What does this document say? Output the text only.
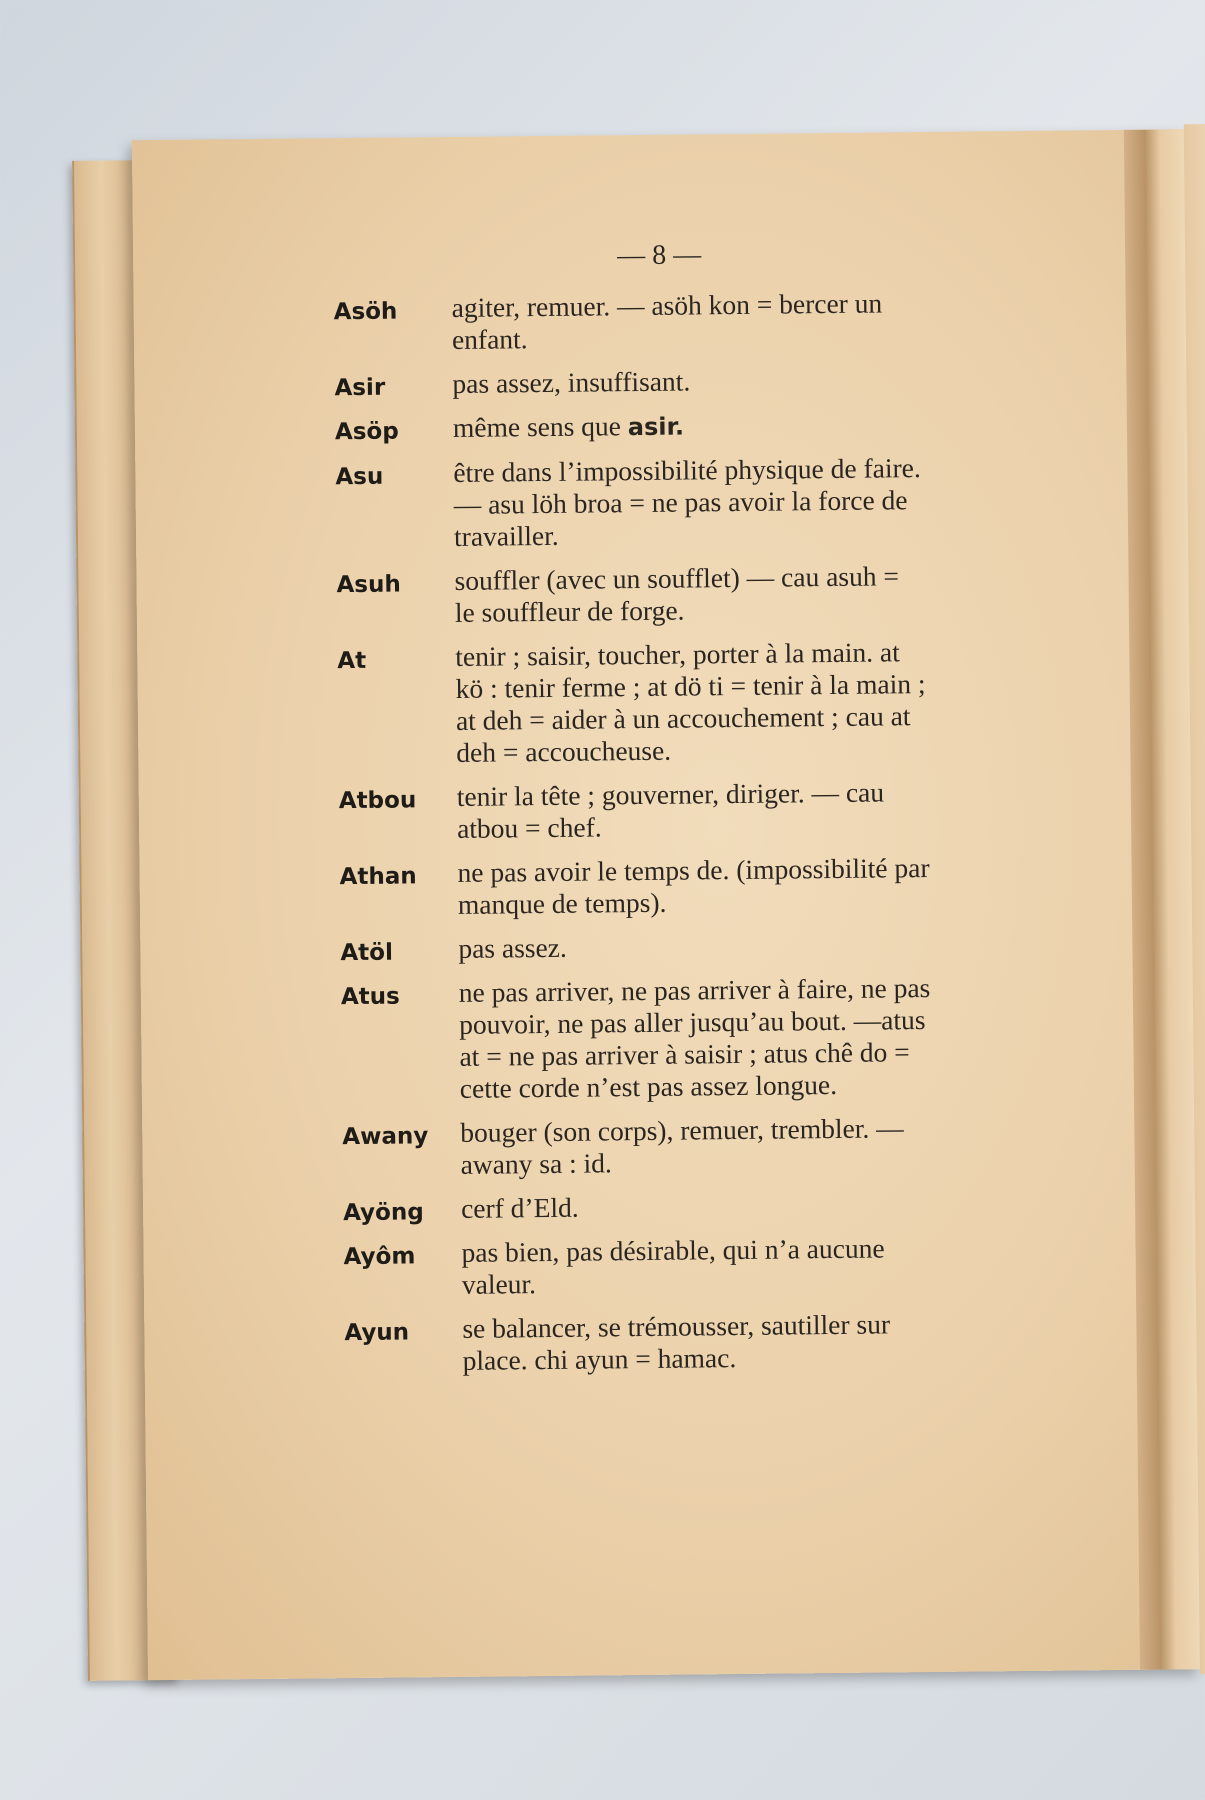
— 8 —
Asöh	agiter, remuer. — asöh kon = bercer un
enfant.
Asir	pas assez, insuffisant.
Asöp	même sens que asir.
Asu	être dans l’impossibilité physique de faire.
— asu löh broa = ne pas avoir la force de
travailler.
Asuh	souffler (avec un soufflet) — cau asuh =
le souffleur de forge.
At	tenir ; saisir, toucher, porter à la main. at
kö : tenir ferme ; at dö ti = tenir à la main ;
at deh = aider à un accouchement ; cau at
deh = accoucheuse.
Atbou	tenir la tête ; gouverner, diriger. — cau
atbou = chef.
Athan	ne pas avoir le temps de. (impossibilité par
manque de temps).
Atöl	pas assez.
Atus	ne pas arriver, ne pas arriver à faire, ne pas
pouvoir, ne pas aller jusqu’au bout. —atus
at = ne pas arriver à saisir ; atus chê do =
cette corde n’est pas assez longue.
Awany	bouger (son corps), remuer, trembler. —
awany sa : id.
Ayöng	cerf d’Eld.
Ayôm	pas bien, pas désirable, qui n’a aucune
valeur.
Ayun	se balancer, se trémousser, sautiller sur
place. chi ayun = hamac.
